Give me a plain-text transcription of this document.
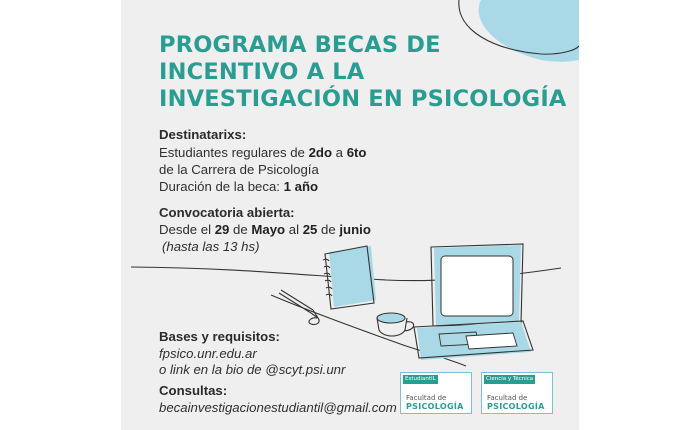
PROGRAMA BECAS DE
INCENTIVO A LA
INVESTIGACIÓN EN PSICOLOGÍA
Destinatarixs:
Estudiantes regulares de 2do a 6to
de la Carrera de Psicología
Duración de la beca: 1 año
Convocatoria abierta:
Desde el 29 de Mayo al 25 de junio
(hasta las 13 hs)
Bases y requisitos:
fpsico.unr.edu.ar
o link en la bio de @scyt.psi.unr
Consultas:
becainvestigacionestudiantil@gmail.com
EstudiantIL
Facultad de
PSICOLOGÍA
Ciencia y Técnica
Facultad de
PSICOLOGÍA
